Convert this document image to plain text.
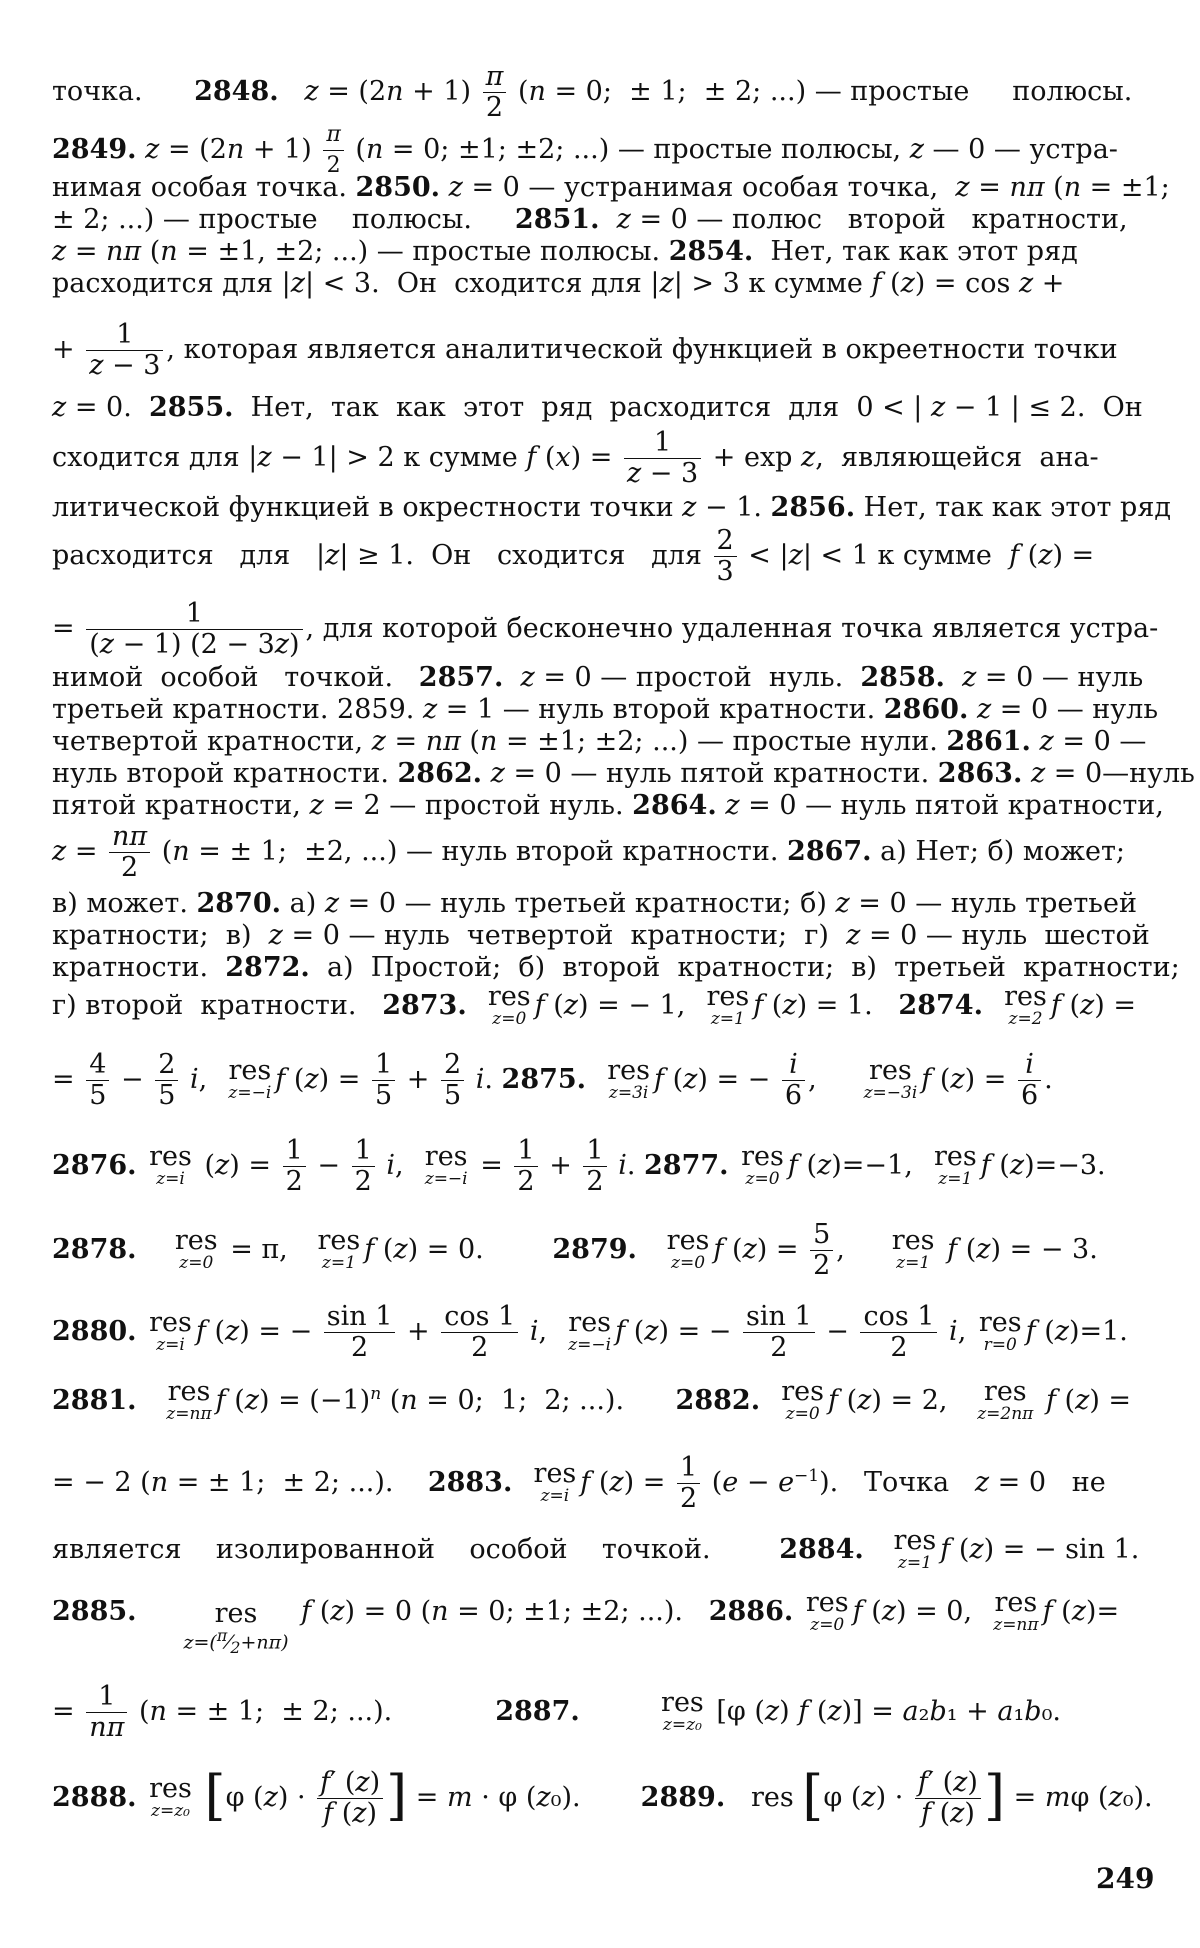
точка. 2848. $z = (2n + 1) \frac{\pi}{2} (n = 0$;  ± 1;  ± 2; ...) — простые     полюсы.
2849. $z = (2n + 1) \frac{\pi}{2} (n = 0$; ±1; ±2; ...) — простые полюсы, z — 0 — устра-
нимая особая точка. 2850. z = 0 — устранимая особая точка,  z = nπ (n = ±1;
± 2; ...) — простые    полюсы.     2851. z = 0 — полюс   второй   кратности,
z = nπ (n = ±1, ±2; ...) — простые полюсы. 2854.  Нет, так как этот ряд
расходится для |z| < 3.  Он  сходится для |z| > 3 к сумме f (z) = cos z +
+ $\frac{1}{z - 3}$ , которая является аналитической функцией в окреетности точки
z = 0.  2855.  Нет,  так  как  этот  ряд  расходится  для  0 < | z − 1 | ≤ 2.  Он
сходится для |z − 1| > 2 к сумме f $(x) = \frac{1}{z - 3} + \exp z$,  являющейся  ана-
литической функцией в окрестности точки z − 1. 2856. Нет, так как этот ряд
расходится   для   |z| ≥ 1.  Он   сходится   для $\frac{2}{3} < |z| < 1$ к сумме  f (z) =
= $\frac{1}{(z - 1) (2 - 3z)}$ , для которой бесконечно удаленная точка является устра-
нимой  особой   точкой.   2857. z = 0 — простой  нуль.  2858. z = 0 — нуль
третьей кратности. 2859. z = 1 — нуль второй кратности. 2860. z = 0 — нуль
четвертой кратности, z = nπ (n = ±1; ±2; ...) — простые нули. 2861. z = 0 —
нуль второй кратности. 2862. z = 0 — нуль пятой кратности. 2863. z = 0—нуль
пятой кратности, z = 2 — простой нуль. 2864. z = 0 — нуль пятой кратности,
$z = \frac{n\pi}{2} (n$ = ± 1;  ±2, ...) — нуль второй кратности. 2867. а) Нет; б) может;
в) может. 2870. а) z = 0 — нуль третьей кратности; б) z = 0 — нуль третьей
кратности;  в)  z = 0 — нуль  четвертой  кратности;  г)  z = 0 — нуль  шестой
кратности.  2872.  а)  Простой;  б)  второй  кратности;  в)  третьей  кратности;
г) второй  кратности.   2873. res
z=0 f (z) = − 1, res
z=1 f (z) = 1.   2874. res
z=2 f (z) =
= $\frac{4}{5} - \frac{2}{5} i$, res
z=−i f $(z) = \frac{1}{5} + \frac{2}{5} i$. 2875. res
z=3i f (z) = − $\frac{i}{6}$ , res
z=−3i f $(z) = \frac{i}{6}$ .
2876. res
z=i $(z) = \frac{1}{2} - \frac{1}{2} i$, res
$z=-i = \frac{1}{2} + \frac{1}{2} i$. 2877. res
z=0 f (z)=−1, res
z=1 f (z)=−3.
2878. res
z=0 = π, res
z=1 f (z) = 0.        2879. res
z=0 f $(z) = \frac{5}{2}$ , res
z=1 f (z) = − 3.
2880. res
z=i f (z) = − $\frac{\sin 1}{2} + \frac{\cos 1}{2} i$, res
z=−i f (z) = − $\frac{\sin 1}{2} - \frac{\cos 1}{2} i$, res
r=0 f (z)=1.
2881. res
z=nπ f $(z) = (-1)^n$ (n = 0;  1;  2; ...).      2882. res
z=0 f (z) = 2, res
z=2nπ f (z) =
= − 2 (n = ± 1;  ± 2; ...).    2883. res
z=i f $(z) = \frac{1}{2} (e - e^{-1})$.   Точка   z = 0   не
является    изолированной    особой    точкой.        2884. res
z=1 f (z) = − sin 1.
2885.	res
$z=(^\pi⁄_2+n\pi)$
f (z) = 0 (n = 0; ±1; ±2; ...).   2886. res
z=0 f (z) = 0, res
z=nπ f (z)=
= $\frac{1}{n\pi} (n$ = ± 1;  ± 2; ...).            2887.	res
z=z₀ [φ (z) f (z)] = a₂b₁ + a₁b₀.
2888. res
z=z₀ [φ $(z) \cdot \frac{f' (z)}{f (z)}$ ] = m · φ (z₀).       2889.   res [φ $(z) \cdot \frac{f' (z)}{f (z)}$ ] = mφ (z₀).
249
